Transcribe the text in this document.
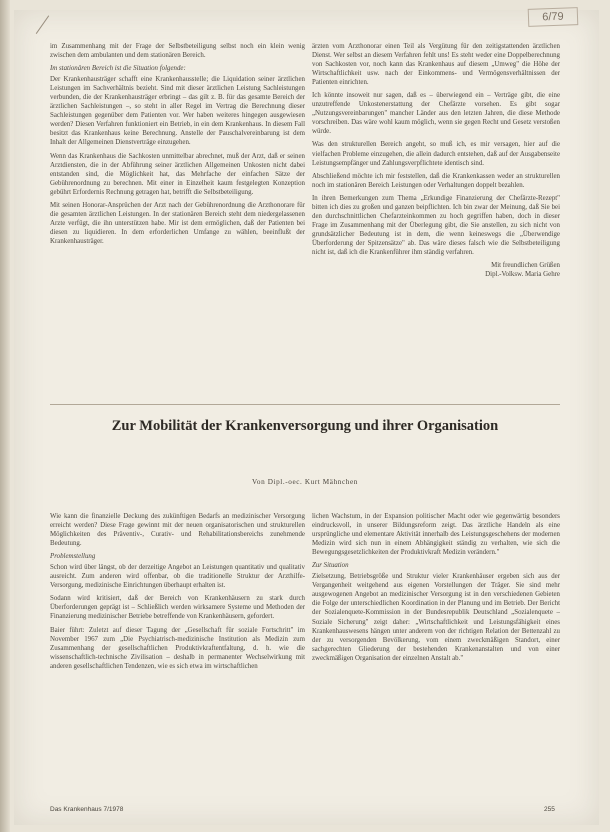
6/79

im Zusammenhang mit der Frage der Selbstbeteiligung selbst noch ein klein wenig zwischen dem ambulanten und dem stationären Bereich.

Im stationären Bereich ist die Situation folgende:

Der Krankenhausträger schafft eine Krankenhausstelle; die Liquidation seiner ärztlichen Leistungen im Sachverhältnis bezieht. Sind mit dieser ärztlichen Leistung Sachleistungen verbunden, die der Krankenhausträger erbringt – das gilt z. B. für das gesamte Bereich der ärztlichen Sachleistungen –, so steht in aller Regel im Vertrag die Berechnung dieser Sachleistungen gegenüber dem Patienten vor. Wer haben weiteres hingegen ausgewiesen werden? Diesen Verfahren funktioniert ein Betrieb, in ein dem Krankenhaus. In diesem Fall besitzt das Krankenhaus keine Berechnung. Anstelle der Pauschalvereinbarung ist dem Inhalt der Allgemeinen Dienstverträge einzugehen.

Wenn das Krankenhaus die Sachkosten unmittelbar abrechnet, muß der Arzt, daß er seinen Arztdiensten, die in der Abführung seiner ärztlichen Allgemeinen Unkosten nicht dabei entstanden sind, die Möglichkeit hat, das Mehrfache der einfachen Sätze der Gebührenordnung zu berechnen. Mit einer in Einzelheit kaum festgelegten Konzeption gebührt Erfordernis Rechnung getragen hat, betrifft die Selbstbeteiligung.

Mit seinen Honorar-Ansprüchen der Arzt nach der Gebührenordnung die Arzthonorare für die gesamten ärztlichen Leistungen. In der stationären Bereich steht dem niedergelassenen Arzte verfügt, die ihn unterstützen habe. Mir ist dem ermöglichen, daß der Patienten bei diesen zu liquidieren. In dem erforderlichen Umfange zu wählen, beeinflußt der Krankenhausträger.

ärzten vom Arzthonorar einen Teil als Vergütung für den zeitigstattenden ärztlichen Dienst. Wer selbst an diesem Verfahren fehlt uns! Es steht weder eine Doppelberechnung von Sachkosten vor, noch kann das Krankenhaus auf diesem „Umweg" die Höhe der Wirtschaftlichkeit usw. nach der Einkommens- und Vermögensverhältnissen der Patienten einrichten.

Ich könnte insoweit nur sagen, daß es – überwiegend ein – Verträge gibt, die eine unzutreffende Unkostenerstattung der Chefärzte vorsehen. Es gibt sogar „Nutzungsvereinbarungen" mancher Länder aus den letzten Jahren, die diese Methode vorschreiben. Das wäre wohl kaum möglich, wenn sie gegen Recht und Gesetz verstoßen würde.

Was den strukturellen Bereich angeht, so muß ich, es mir versagen, hier auf die vielfachen Probleme einzugehen, die allein dadurch entstehen, daß auf der Ausgabenseite Leistungsempfänger und Zahlungsverpflichtete identisch sind.

Abschließend möchte ich mir feststellen, daß die Krankenkassen weder an strukturellen noch im stationären Bereich Leistungen oder Verhaltungen doppelt bezahlen.

In ihren Bemerkungen zum Thema „Erkundige Finanzierung der Chefärzte-Rezept" bitten ich dies zu großen und ganzen beipflichten. Ich bin zwar der Meinung, daß Sie bei den durchschnittlichen Chefarzteinkommen zu hoch gegriffen haben, doch in dieser Frage im Zusammenhang mit der Überlegung gibt, die Sie anstellen, zu sich nicht von grundsätzlicher Bedeutung ist in dem, die wenn keineswegs die „Überwendige Überforderung der Spitzensätze" ab. Das wäre dieses falsch wie die Selbstbeteiligung nicht ist, daß ich die Krankenführer ihm ständig verfahren.

Mit freundlichen Grüßen
Dipl.-Volksw. Maria Gehre
Zur Mobilität der Krankenversorgung und ihrer Organisation
Von Dipl.-oec. Kurt Mähnchen

Wie kann die finanzielle Deckung des zukünftigen Bedarfs an medizinischer Versorgung erreicht werden? Diese Frage gewinnt mit der neuen organisatorischen und strukturellen Möglichkeiten des Präventiv-, Curativ- und Rehabilitationsbereichs zunehmende Bedeutung.

Problemstellung

Schon wird über längst, ob der derzeitige Angebot an Leistungen quantitativ und qualitativ ausreicht. Zum anderen wird offenbar, ob die traditionelle Struktur der Arzthilfe-Versorgung, medizinische Einrichtungen überhaupt erhalten ist.

Sodann wird kritisiert, daß der Bereich von Krankenhäusern zu stark durch Überforderungen geprägt ist – Schließlich werden wirksamere Systeme und Methoden der Finanzierung medizinischer Betriebe betreffende von Krankenhäusern, gefordert.

Baier führt: Zuletzt auf dieser Tagung der „Gesellschaft für soziale Fortschritt" im November 1967 zum „Die Psychiatrisch-medizinische Institution als Medizin zum Zusammenhang der gesellschaftlichen Produktivkraftentfaltung, d. h. wie die wissenschaftlich-technische Zivilisation – deshalb in permanenter Wechselwirkung mit anderen gesellschaftlichen Tendenzen, wie es sich etwa im wirtschaftlichen

lichen Wachstum, in der Expansion politischer Macht oder wie gegenwärtig besonders eindrucksvoll, in unserer Bildungsreform zeigt. Das ärztliche Handeln als eine ursprüngliche und elementare Aktivität innerhalb des Leistungsgeschehens der modernen Medizin wird sich nun in einem Abhängigkeit ständig zu verhalten, wie sich die Bewegungsgesetzlichkeiten der Produktivkraft Medizin verändern."

Zur Situation

Zielsetzung, Betriebsgröße und Struktur vieler Krankenhäuser ergeben sich aus der Vergangenheit weitgehend aus eigenen Vorstellungen der Träger. Sie sind mehr ausgewogenen Angebot an medizinischer Versorgung ist in den verschiedenen Gebieten die Folge der unterschiedlichen Koordination in der Planung und im Betrieb. Der Bericht der Sozialenquete-Kommission in der Bundesrepublik Deutschland „Sozialenquete – Soziale Sicherung" zeigt daher: „Wirtschaftlichkeit und Leistungsfähigkeit eines Krankenhauswesens hängen unter anderem von der richtigen Relation der Bettenzahl zu der zu versorgenden Bevölkerung, vom einem zweckmäßigen Standort, einer sachgerechten Gliederung der bestehenden Krankenanstalten und von einer zweckmäßigen Organisation der einzelnen Anstalt ab."

Das Krankenhaus 7/1978	255
